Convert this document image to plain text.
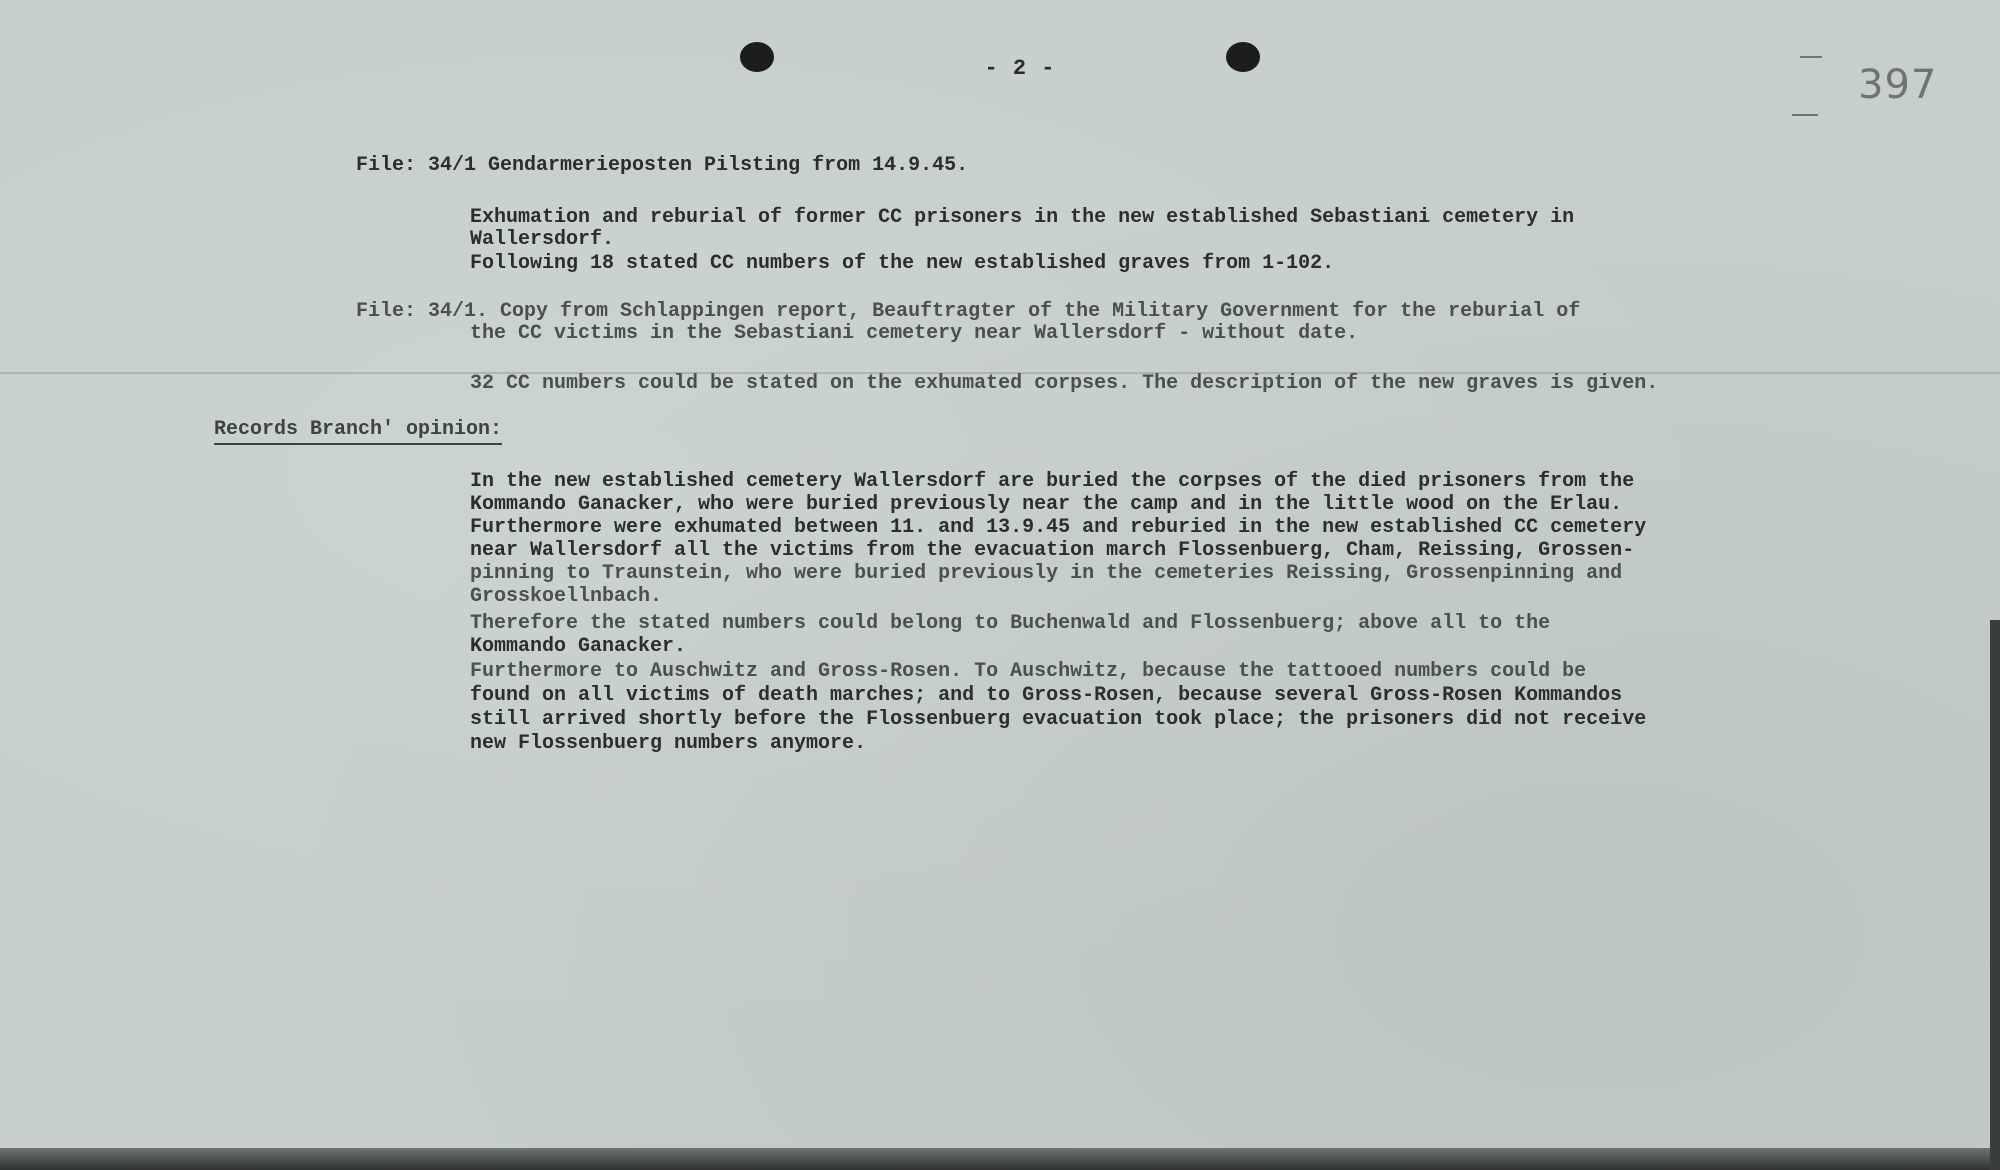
- 2 -	397
File: 34/1 Gendarmerieposten Pilsting from 14.9.45.
Exhumation and reburial of former CC prisoners in the new established Sebastiani cemetery in
Wallersdorf.
Following 18 stated CC numbers of the new established graves from 1-102.
File: 34/1. Copy from Schlappingen report, Beauftragter of the Military Government for the reburial of
the CC victims in the Sebastiani cemetery near Wallersdorf - without date.
32 CC numbers could be stated on the exhumated corpses. The description of the new graves is given.
Records Branch' opinion:
In the new established cemetery Wallersdorf are buried the corpses of the died prisoners from the
Kommando Ganacker, who were buried previously near the camp and in the little wood on the Erlau.
Furthermore were exhumated between 11. and 13.9.45 and reburied in the new established CC cemetery
near Wallersdorf all the victims from the evacuation march Flossenbuerg, Cham, Reissing, Grossen-
pinning to Traunstein, who were buried previously in the cemeteries Reissing, Grossenpinning and
Grosskoellnbach.
Therefore the stated numbers could belong to Buchenwald and Flossenbuerg; above all to the
Kommando Ganacker.
Furthermore to Auschwitz and Gross-Rosen. To Auschwitz, because the tattooed numbers could be
found on all victims of death marches; and to Gross-Rosen, because several Gross-Rosen Kommandos
still arrived shortly before the Flossenbuerg evacuation took place; the prisoners did not receive
new Flossenbuerg numbers anymore.
